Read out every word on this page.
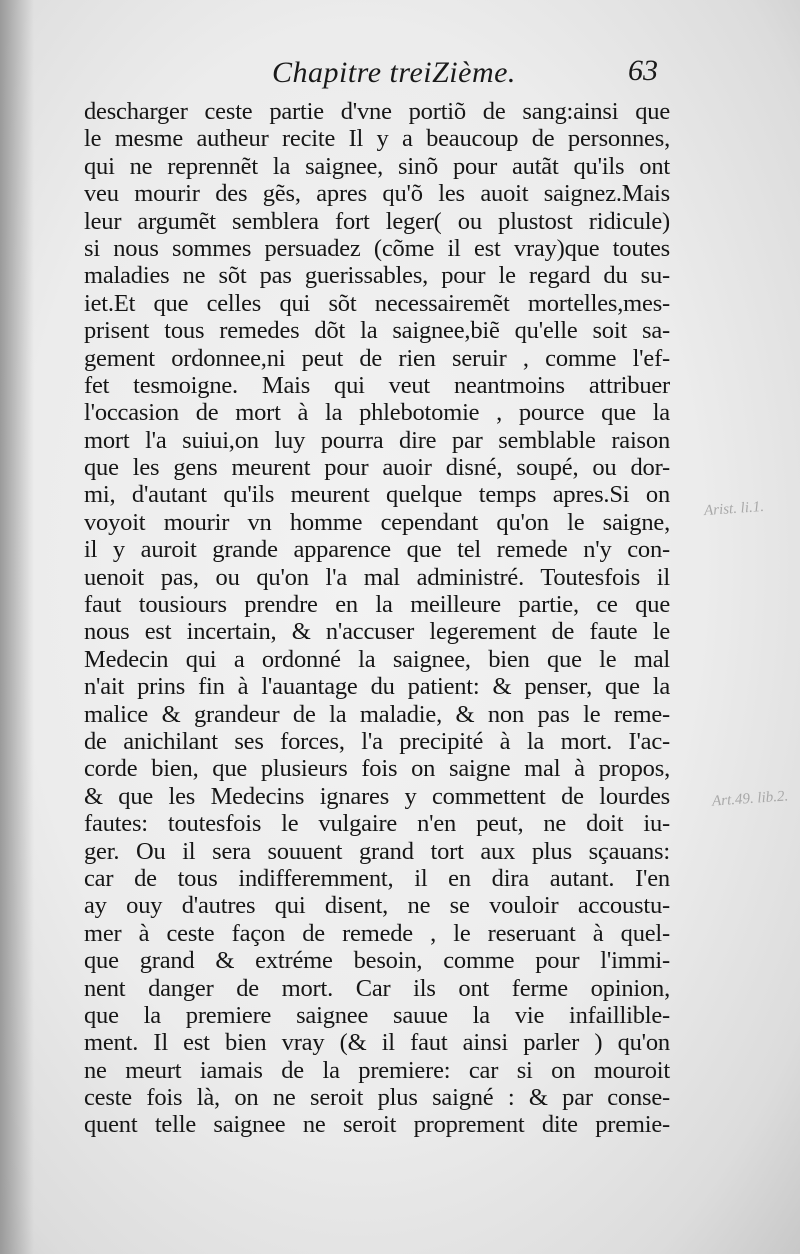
Chapitre treiZième.	63
descharger ceste partie d'vne portiõ de sang:ainsi que
le mesme autheur recite Il y a beaucoup de personnes,
qui ne reprennẽt la saignee, sinõ pour autãt qu'ils ont
veu mourir des gẽs, apres qu'õ les auoit saignez.Mais
leur argumẽt semblera fort leger( ou plustost ridicule)
si nous sommes persuadez (cõme il est vray)que toutes
maladies ne sõt pas guerissables, pour le regard du su-
iet.Et que celles qui sõt necessairemẽt mortelles,mes-
prisent tous remedes dõt la saignee,biẽ qu'elle soit sa-
gement ordonnee,ni peut de rien seruir , comme l'ef-
fet tesmoigne. Mais qui veut neantmoins attribuer
l'occasion de mort à la phlebotomie , pource que la
mort l'a suiui,on luy pourra dire par semblable raison
que les gens meurent pour auoir disné, soupé, ou dor-
mi, d'autant qu'ils meurent quelque temps apres.Si on
voyoit mourir vn homme cependant qu'on le saigne,
il y auroit grande apparence que tel remede n'y con-
uenoit pas, ou qu'on l'a mal administré. Toutesfois il
faut tousiours prendre en la meilleure partie, ce que
nous est incertain, & n'accuser legerement de faute le
Medecin qui a ordonné la saignee, bien que le mal
n'ait prins fin à l'auantage du patient: & penser, que la
malice & grandeur de la maladie, & non pas le reme-
de anichilant ses forces, l'a precipité à la mort. I'ac-
corde bien, que plusieurs fois on saigne mal à propos,
& que les Medecins ignares y commettent de lourdes
fautes: toutesfois le vulgaire n'en peut, ne doit iu-
ger. Ou il sera souuent grand tort aux plus sçauans:
car de tous indifferemment, il en dira autant. I'en
ay ouy d'autres qui disent, ne se vouloir accoustu-
mer à ceste façon de remede , le reseruant à quel-
que grand & extréme besoin, comme pour l'immi-
nent danger de mort. Car ils ont ferme opinion,
que la premiere saignee sauue la vie infaillible-
ment. Il est bien vray (& il faut ainsi parler ) qu'on
ne meurt iamais de la premiere: car si on mouroit
ceste fois là, on ne seroit plus saigné : & par conse-
quent telle saignee ne seroit proprement dite premie-
Arist. li.1.
Art.49. lib.2.
